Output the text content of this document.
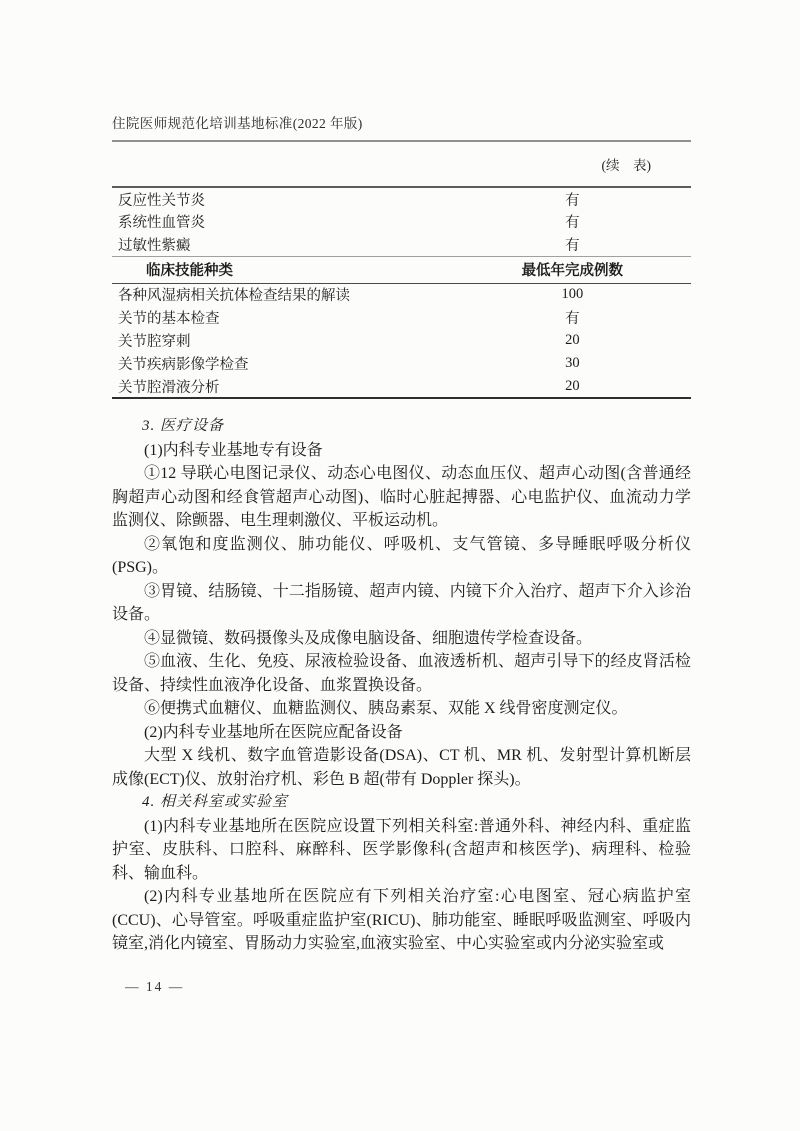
住院医师规范化培训基地标准(2022 年版)
(续　表)
反应性关节炎	有
系统性血管炎	有
过敏性紫癜	有
临床技能种类	最低年完成例数
各种风湿病相关抗体检查结果的解读	100
关节的基本检查	有
关节腔穿刺	20
关节疾病影像学检查	30
关节腔滑液分析	20

3. 医疗设备

(1)内科专业基地专有设备

①12 导联心电图记录仪、动态心电图仪、动态血压仪、超声心动图(含普通经胸超声心动图和经食管超声心动图)、临时心脏起搏器、心电监护仪、血流动力学监测仪、除颤器、电生理刺激仪、平板运动机。

②氧饱和度监测仪、肺功能仪、呼吸机、支气管镜、多导睡眠呼吸分析仪(PSG)。

③胃镜、结肠镜、十二指肠镜、超声内镜、内镜下介入治疗、超声下介入诊治设备。

④显微镜、数码摄像头及成像电脑设备、细胞遗传学检查设备。

⑤血液、生化、免疫、尿液检验设备、血液透析机、超声引导下的经皮肾活检设备、持续性血液净化设备、血浆置换设备。

⑥便携式血糖仪、血糖监测仪、胰岛素泵、双能 X 线骨密度测定仪。

(2)内科专业基地所在医院应配备设备

大型 X 线机、数字血管造影设备(DSA)、CT 机、MR 机、发射型计算机断层成像(ECT)仪、放射治疗机、彩色 B 超(带有 Doppler 探头)。

4. 相关科室或实验室

(1)内科专业基地所在医院应设置下列相关科室:普通外科、神经内科、重症监护室、皮肤科、口腔科、麻醉科、医学影像科(含超声和核医学)、病理科、检验科、输血科。

(2)内科专业基地所在医院应有下列相关治疗室:心电图室、冠心病监护室(CCU)、心导管室。呼吸重症监护室(RICU)、肺功能室、睡眠呼吸监测室、呼吸内镜室,消化内镜室、胃肠动力实验室,血液实验室、中心实验室或内分泌实验室或

— 14 —
